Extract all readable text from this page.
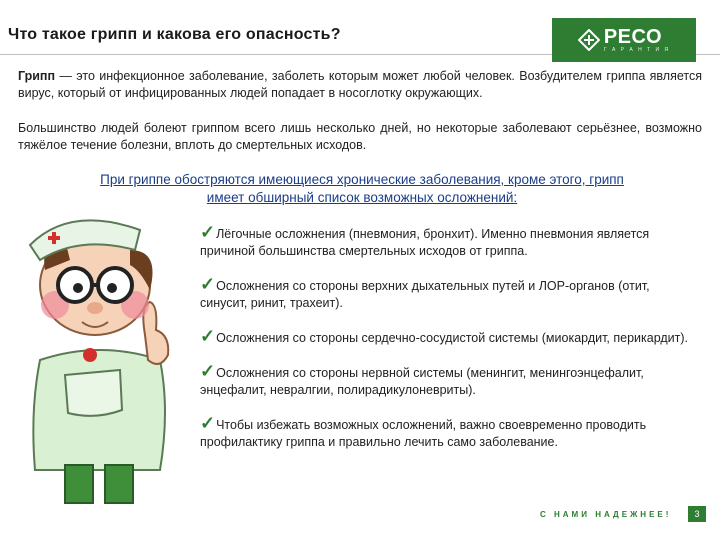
Что такое грипп и какова его опасность?	РЕСО
Г А Р А Н Т И Я
Грипп — это инфекционное заболевание, заболеть которым может любой человек. Возбудителем гриппа является вирус, который от инфицированных людей попадает в носоглотку окружающих.
Большинство людей болеют гриппом всего лишь несколько дней, но некоторые заболевают серьёзнее, возможно тяжёлое течение болезни, вплоть до смертельных исходов.
При гриппе обостряются имеющиеся хронические заболевания, кроме этого, грипп
имеет обширный список возможных осложнений:
✓Лёгочные осложнения (пневмония, бронхит). Именно пневмония является причиной большинства смертельных исходов от гриппа.
✓Осложнения со стороны верхних дыхательных путей и ЛОР-органов (отит, синусит, ринит, трахеит).
✓Осложнения со стороны сердечно-сосудистой системы (миокардит, перикардит).
✓Осложнения со стороны нервной системы (менингит, менингоэнцефалит, энцефалит, невралгии, полирадикулоневриты).
✓Чтобы избежать возможных осложнений, важно своевременно проводить профилактику гриппа и правильно лечить само заболевание.
С НАМИ НАДЕЖНЕЕ!	3
